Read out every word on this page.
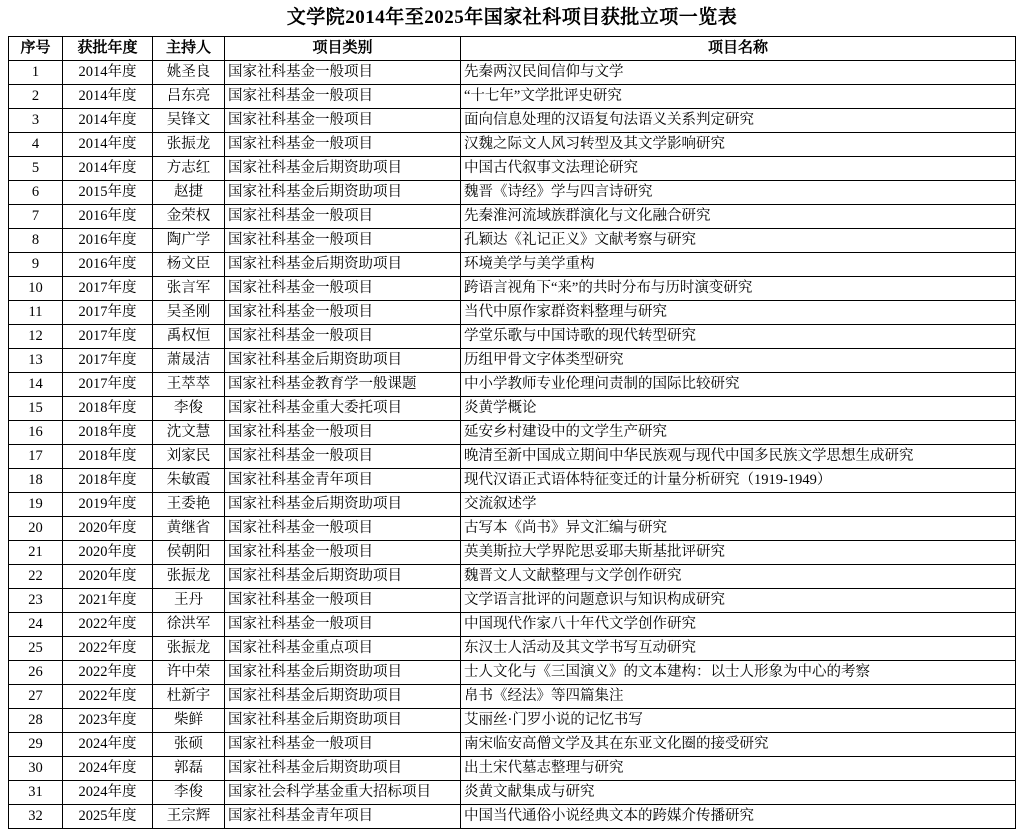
文学院2014年至2025年国家社科项目获批立项一览表
序号	获批年度	主持人	项目类别	项目名称
1	2014年度	姚圣良	国家社科基金一般项目	先秦两汉民间信仰与文学
2	2014年度	吕东亮	国家社科基金一般项目	“十七年”文学批评史研究
3	2014年度	吴锋文	国家社科基金一般项目	面向信息处理的汉语复句法语义关系判定研究
4	2014年度	张振龙	国家社科基金一般项目	汉魏之际文人风习转型及其文学影响研究
5	2014年度	方志红	国家社科基金后期资助项目	中国古代叙事文法理论研究
6	2015年度	赵捷	国家社科基金后期资助项目	魏晋《诗经》学与四言诗研究
7	2016年度	金荣权	国家社科基金一般项目	先秦淮河流域族群演化与文化融合研究
8	2016年度	陶广学	国家社科基金一般项目	孔颖达《礼记正义》文献考察与研究
9	2016年度	杨文臣	国家社科基金后期资助项目	环境美学与美学重构
10	2017年度	张言军	国家社科基金一般项目	跨语言视角下“来”的共时分布与历时演变研究
11	2017年度	吴圣刚	国家社科基金一般项目	当代中原作家群资料整理与研究
12	2017年度	禹权恒	国家社科基金一般项目	学堂乐歌与中国诗歌的现代转型研究
13	2017年度	萧晟洁	国家社科基金后期资助项目	历组甲骨文字体类型研究
14	2017年度	王萃萃	国家社科基金教育学一般课题	中小学教师专业伦理问责制的国际比较研究
15	2018年度	李俊	国家社科基金重大委托项目	炎黄学概论
16	2018年度	沈文慧	国家社科基金一般项目	延安乡村建设中的文学生产研究
17	2018年度	刘家民	国家社科基金一般项目	晚清至新中国成立期间中华民族观与现代中国多民族文学思想生成研究
18	2018年度	朱敏霞	国家社科基金青年项目	现代汉语正式语体特征变迁的计量分析研究（1919-1949）
19	2019年度	王委艳	国家社科基金后期资助项目	交流叙述学
20	2020年度	黄继省	国家社科基金一般项目	古写本《尚书》异文汇编与研究
21	2020年度	侯朝阳	国家社科基金一般项目	英美斯拉大学界陀思妥耶夫斯基批评研究
22	2020年度	张振龙	国家社科基金后期资助项目	魏晋文人文献整理与文学创作研究
23	2021年度	王丹	国家社科基金一般项目	文学语言批评的问题意识与知识构成研究
24	2022年度	徐洪军	国家社科基金一般项目	中国现代作家八十年代文学创作研究
25	2022年度	张振龙	国家社科基金重点项目	东汉士人活动及其文学书写互动研究
26	2022年度	许中荣	国家社科基金后期资助项目	士人文化与《三国演义》的文本建构：以士人形象为中心的考察
27	2022年度	杜新宇	国家社科基金后期资助项目	帛书《经法》等四篇集注
28	2023年度	柴鲜	国家社科基金后期资助项目	艾丽丝·门罗小说的记忆书写
29	2024年度	张硕	国家社科基金一般项目	南宋临安高僧文学及其在东亚文化圈的接受研究
30	2024年度	郭磊	国家社科基金后期资助项目	出土宋代墓志整理与研究
31	2024年度	李俊	国家社会科学基金重大招标项目	炎黄文献集成与研究
32	2025年度	王宗辉	国家社科基金青年项目	中国当代通俗小说经典文本的跨媒介传播研究
